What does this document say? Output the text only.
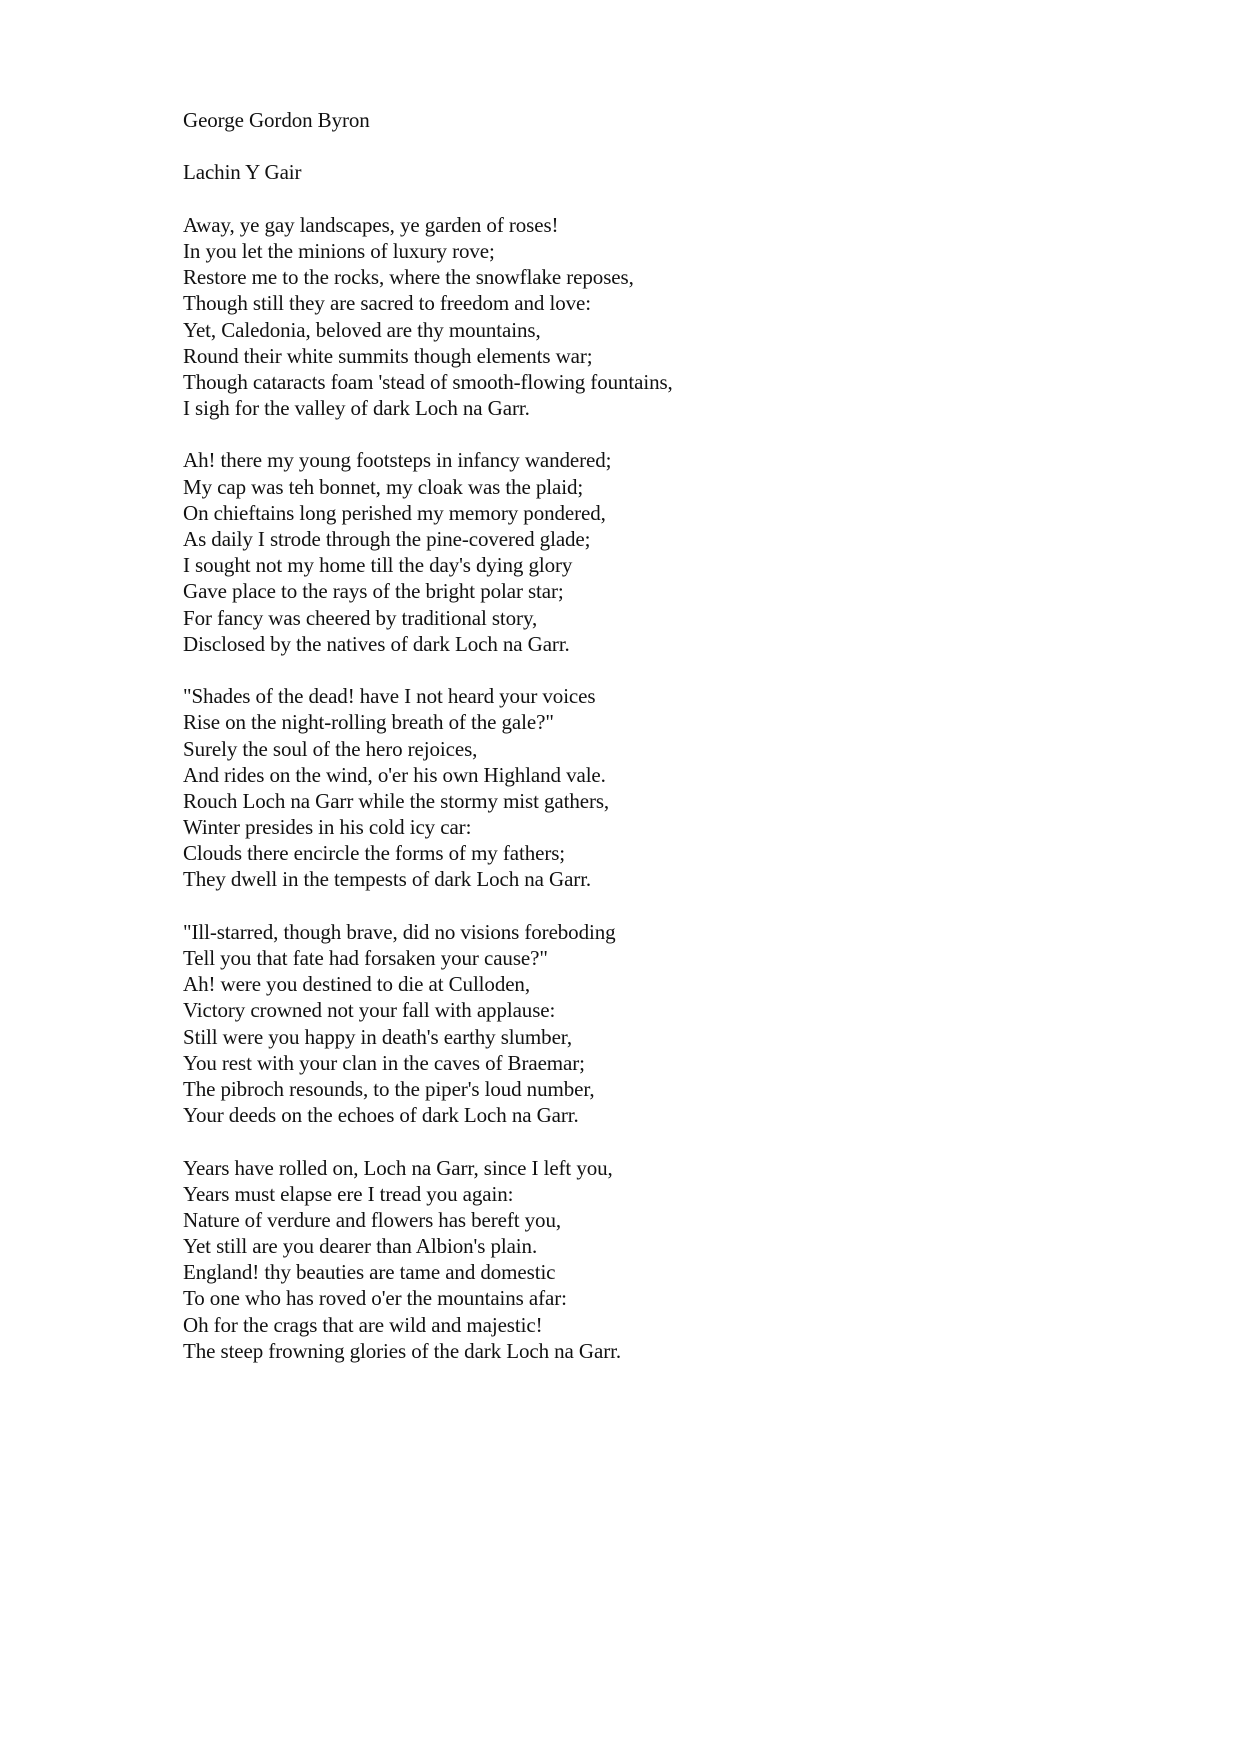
George Gordon Byron

Lachin Y Gair

Away, ye gay landscapes, ye garden of roses!
In you let the minions of luxury rove;
Restore me to the rocks, where the snowflake reposes,
Though still they are sacred to freedom and love:
Yet, Caledonia, beloved are thy mountains,
Round their white summits though elements war;
Though cataracts foam 'stead of smooth-flowing fountains,
I sigh for the valley of dark Loch na Garr.
Ah! there my young footsteps in infancy wandered;
My cap was teh bonnet, my cloak was the plaid;
On chieftains long perished my memory pondered,
As daily I strode through the pine-covered glade;
I sought not my home till the day's dying glory
Gave place to the rays of the bright polar star;
For fancy was cheered by traditional story,
Disclosed by the natives of dark Loch na Garr.
"Shades of the dead! have I not heard your voices
Rise on the night-rolling breath of the gale?"
Surely the soul of the hero rejoices,
And rides on the wind, o'er his own Highland vale.
Rouch Loch na Garr while the stormy mist gathers,
Winter presides in his cold icy car:
Clouds there encircle the forms of my fathers;
They dwell in the tempests of dark Loch na Garr.
"Ill-starred, though brave, did no visions foreboding
Tell you that fate had forsaken your cause?"
Ah! were you destined to die at Culloden,
Victory crowned not your fall with applause:
Still were you happy in death's earthy slumber,
You rest with your clan in the caves of Braemar;
The pibroch resounds, to the piper's loud number,
Your deeds on the echoes of dark Loch na Garr.
Years have rolled on, Loch na Garr, since I left you,
Years must elapse ere I tread you again:
Nature of verdure and flowers has bereft you,
Yet still are you dearer than Albion's plain.
England! thy beauties are tame and domestic
To one who has roved o'er the mountains afar:
Oh for the crags that are wild and majestic!
The steep frowning glories of the dark Loch na Garr.
